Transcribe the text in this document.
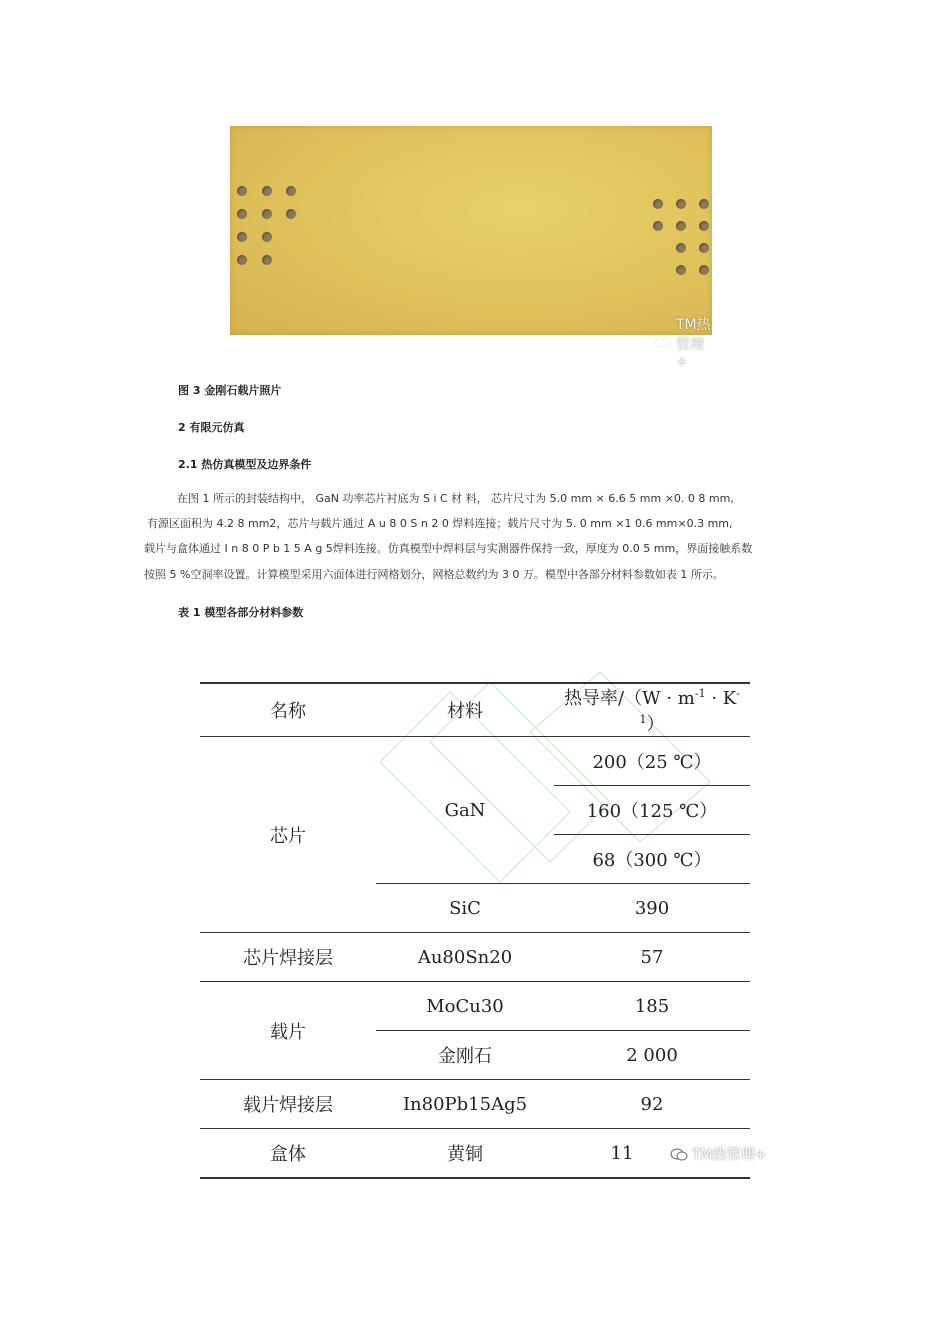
TM热管理+
图 3 金刚石载片照片
2 有限元仿真
2.1 热仿真模型及边界条件

在图 1 所示的封装结构中， GaN 功率芯片衬底为 S i C 材 料， 芯片尺寸为 5.0 mm × 6.6 5 mm ×0. 0 8 mm,

有源区面积为 4.2 8 mm2，芯片与载片通过 A u 8 0 S n 2 0 焊料连接；载片尺寸为 5. 0 mm ×1 0.6 mm×0.3 mm,

载片与盒体通过 I n 8 0 P b 1 5 A g 5焊料连接。仿真模型中焊料层与实测器件保持一致，厚度为 0.0 5 mm，界面接触系数

按照 5 %空洞率设置。计算模型采用六面体进行网格划分，网格总数约为 3 0 万。模型中各部分材料参数如表 1 所示。

表 1 模型各部分材料参数
名称	材料	热导率$/(W \cdot m^{-1} \cdot K^{-1})$
芯片	GaN	200（25 ℃）
		160（125 ℃）
		68（300 ℃）
	SiC	390
芯片焊接层	Au80Sn20	57
载片	MoCu30	185
	金刚石	2 000
载片焊接层	In80Pb15Ag5	92
盒体	黄铜	11	TM热管理+
